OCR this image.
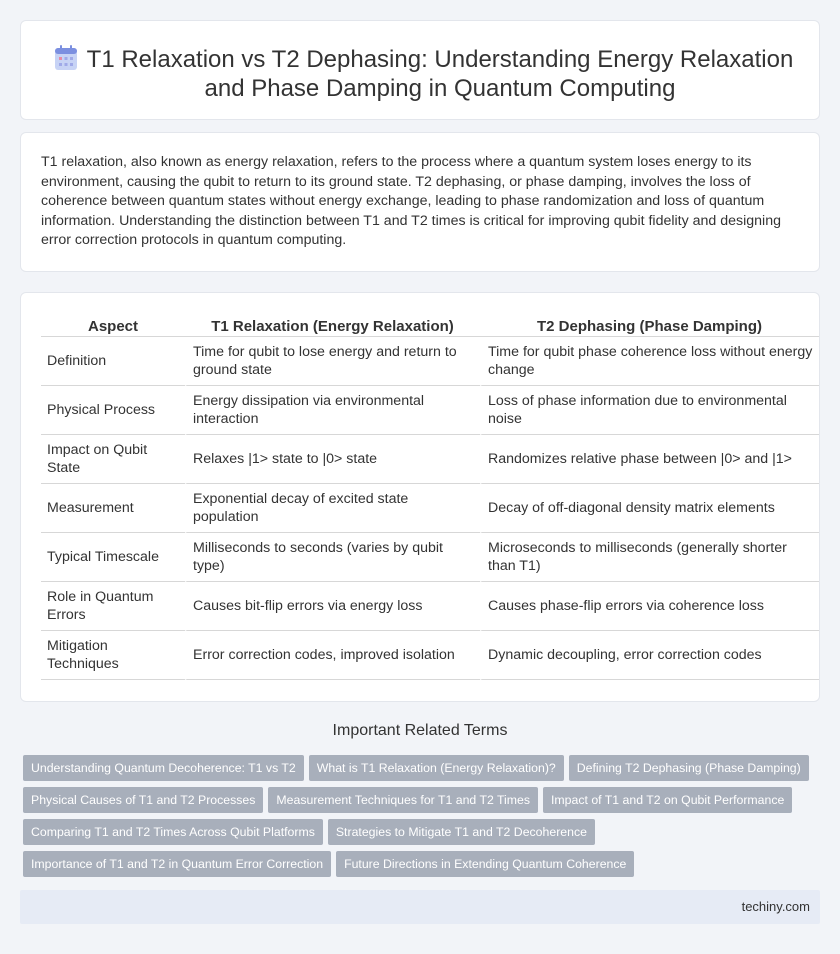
T1 Relaxation vs T2 Dephasing: Understanding Energy Relaxation and Phase Damping in Quantum Computing

T1 relaxation, also known as energy relaxation, refers to the process where a quantum system loses energy to its environment, causing the qubit to return to its ground state. T2 dephasing, or phase damping, involves the loss of coherence between quantum states without energy exchange, leading to phase randomization and loss of quantum information. Understanding the distinction between T1 and T2 times is critical for improving qubit fidelity and designing error correction protocols in quantum computing.

Aspect	T1 Relaxation (Energy Relaxation)	T2 Dephasing (Phase Damping)
Definition	Time for qubit to lose energy and return to ground state	Time for qubit phase coherence loss without energy change
Physical Process	Energy dissipation via environmental interaction	Loss of phase information due to environmental noise
Impact on Qubit State	Relaxes |1> state to |0> state	Randomizes relative phase between |0> and |1>
Measurement	Exponential decay of excited state population	Decay of off-diagonal density matrix elements
Typical Timescale	Milliseconds to seconds (varies by qubit type)	Microseconds to milliseconds (generally shorter than T1)
Role in Quantum Errors	Causes bit-flip errors via energy loss	Causes phase-flip errors via coherence loss
Mitigation Techniques	Error correction codes, improved isolation	Dynamic decoupling, error correction codes
Important Related Terms
Understanding Quantum Decoherence: T1 vs T2 What is T1 Relaxation (Energy Relaxation)? Defining T2 Dephasing (Phase Damping)
Physical Causes of T1 and T2 Processes Measurement Techniques for T1 and T2 Times Impact of T1 and T2 on Qubit Performance
Comparing T1 and T2 Times Across Qubit Platforms Strategies to Mitigate T1 and T2 Decoherence
Importance of T1 and T2 in Quantum Error Correction Future Directions in Extending Quantum Coherence
techiny.com
